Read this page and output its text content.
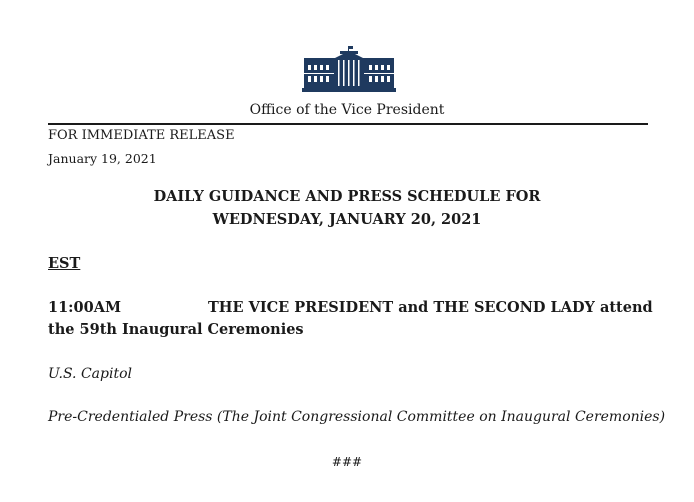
Office of the Vice President
FOR IMMEDIATE RELEASE
January 19, 2021
DAILY GUIDANCE AND PRESS SCHEDULE FOR
WEDNESDAY, JANUARY 20, 2021
EST
11:00AM	THE VICE PRESIDENT and THE SECOND LADY attend
the 59th Inaugural Ceremonies
U.S. Capitol
Pre-Credentialed Press (The Joint Congressional Committee on Inaugural Ceremonies)
###
